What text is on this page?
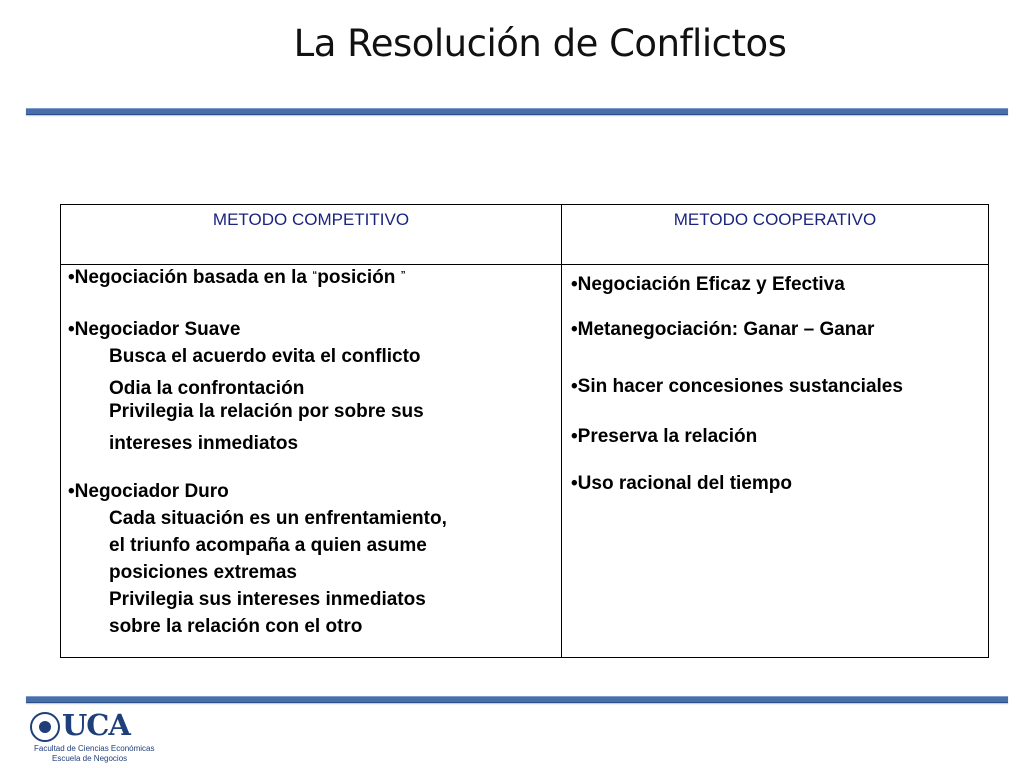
La Resolución de Conflictos
METODO COMPETITIVO	METODO COOPERATIVO
•Negociación basada en la “posición ”
•Negociador Suave
Busca el acuerdo evita el conflicto
Odia la confrontación
Privilegia la relación por sobre sus
intereses inmediatos
•Negociador Duro
Cada situación es un enfrentamiento,
el triunfo acompaña a quien asume
posiciones extremas
Privilegia sus intereses inmediatos
sobre la relación con el otro
•Negociación Eficaz y Efectiva
•Metanegociación: Ganar – Ganar
•Sin hacer concesiones sustanciales
•Preserva la relación
•Uso racional del tiempo
UCA
Facultad de Ciencias Económicas
Escuela de Negocios
